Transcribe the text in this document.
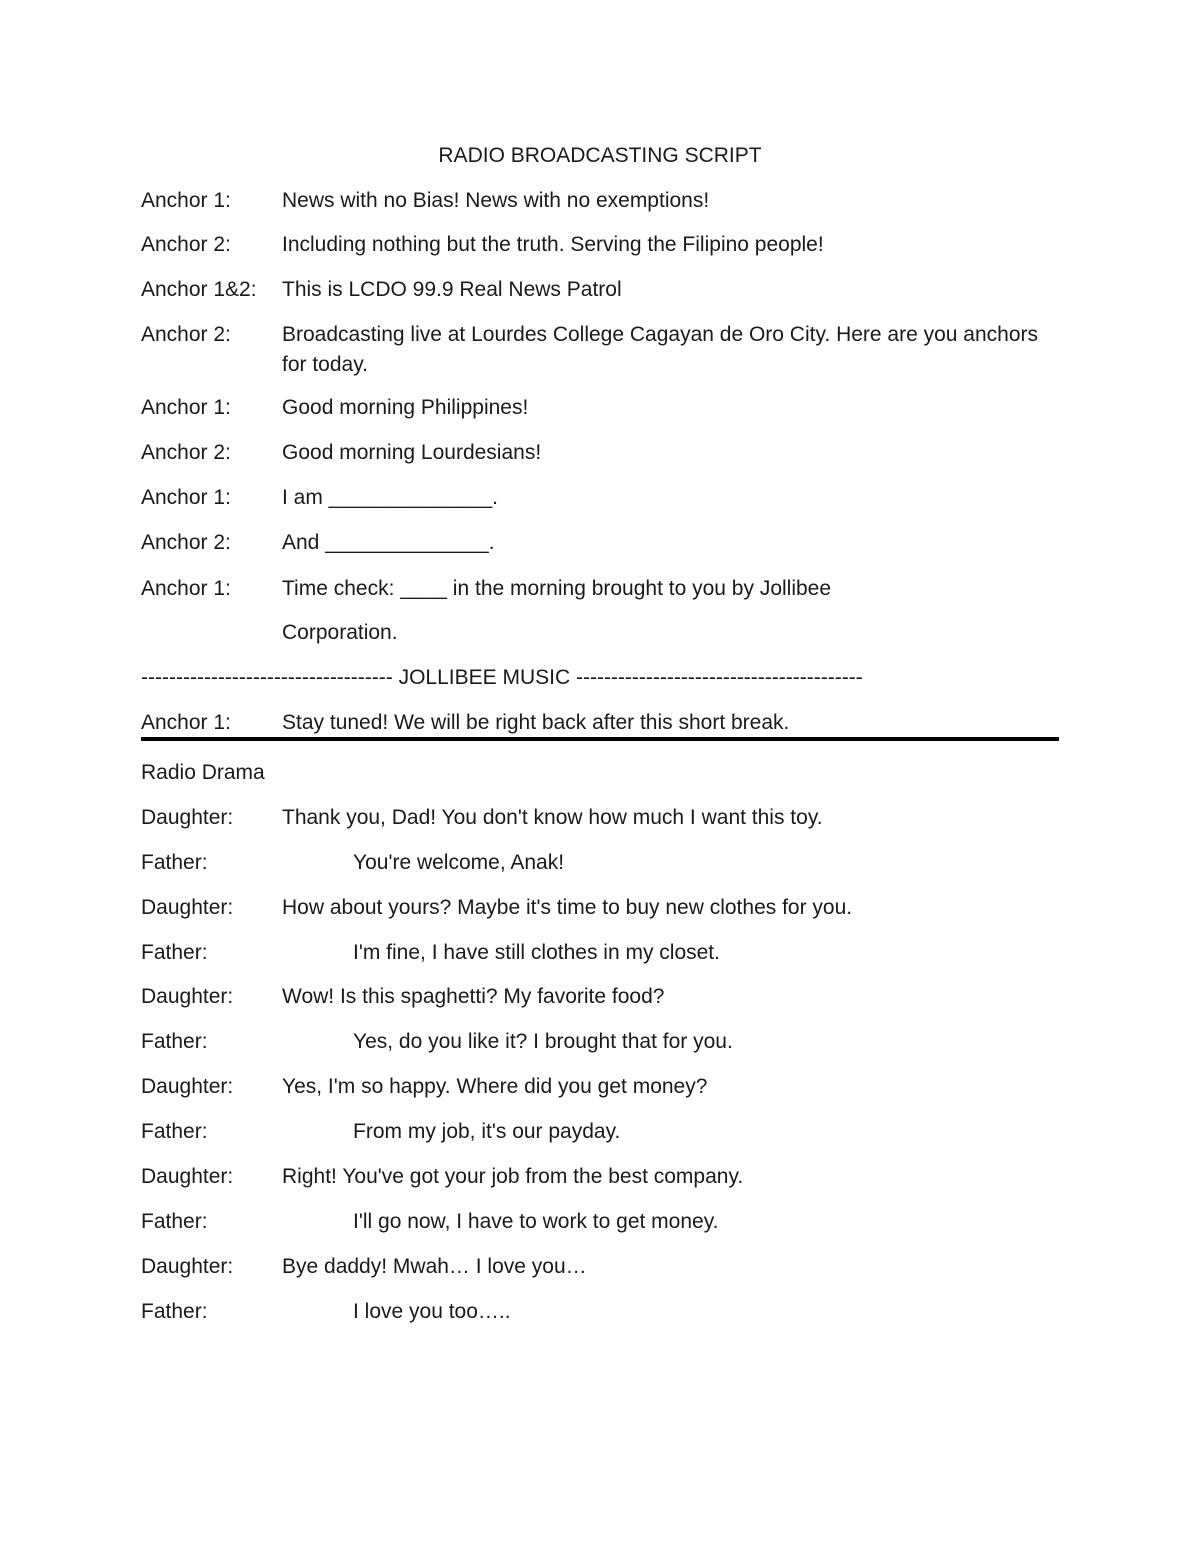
RADIO BROADCASTING SCRIPT
Anchor 1: News with no Bias! News with no exemptions!
Anchor 2: Including nothing but the truth. Serving the Filipino people!
Anchor 1&2: This is LCDO 99.9 Real News Patrol
Anchor 2: Broadcasting live at Lourdes College Cagayan de Oro City. Here are you anchors for today.
Anchor 1: Good morning Philippines!
Anchor 2: Good morning Lourdesians!
Anchor 1: I am ______________.
Anchor 2: And ______________.
Anchor 1: Time check: ____ in the morning brought to you by Jollibee
Corporation.
------------------------------------ JOLLIBEE MUSIC -----------------------------------------
Anchor 1: Stay tuned! We will be right back after this short break.
Radio Drama
Daughter: Thank you, Dad! You don't know how much I want this toy.
Father:	You're welcome, Anak!
Daughter: How about yours? Maybe it's time to buy new clothes for you.
Father:	I'm fine, I have still clothes in my closet.
Daughter: Wow! Is this spaghetti? My favorite food?
Father:	Yes, do you like it? I brought that for you.
Daughter: Yes, I'm so happy. Where did you get money?
Father:	From my job, it's our payday.
Daughter: Right! You've got your job from the best company.
Father:	I'll go now, I have to work to get money.
Daughter: Bye daddy! Mwah… I love you…
Father:	I love you too…..
